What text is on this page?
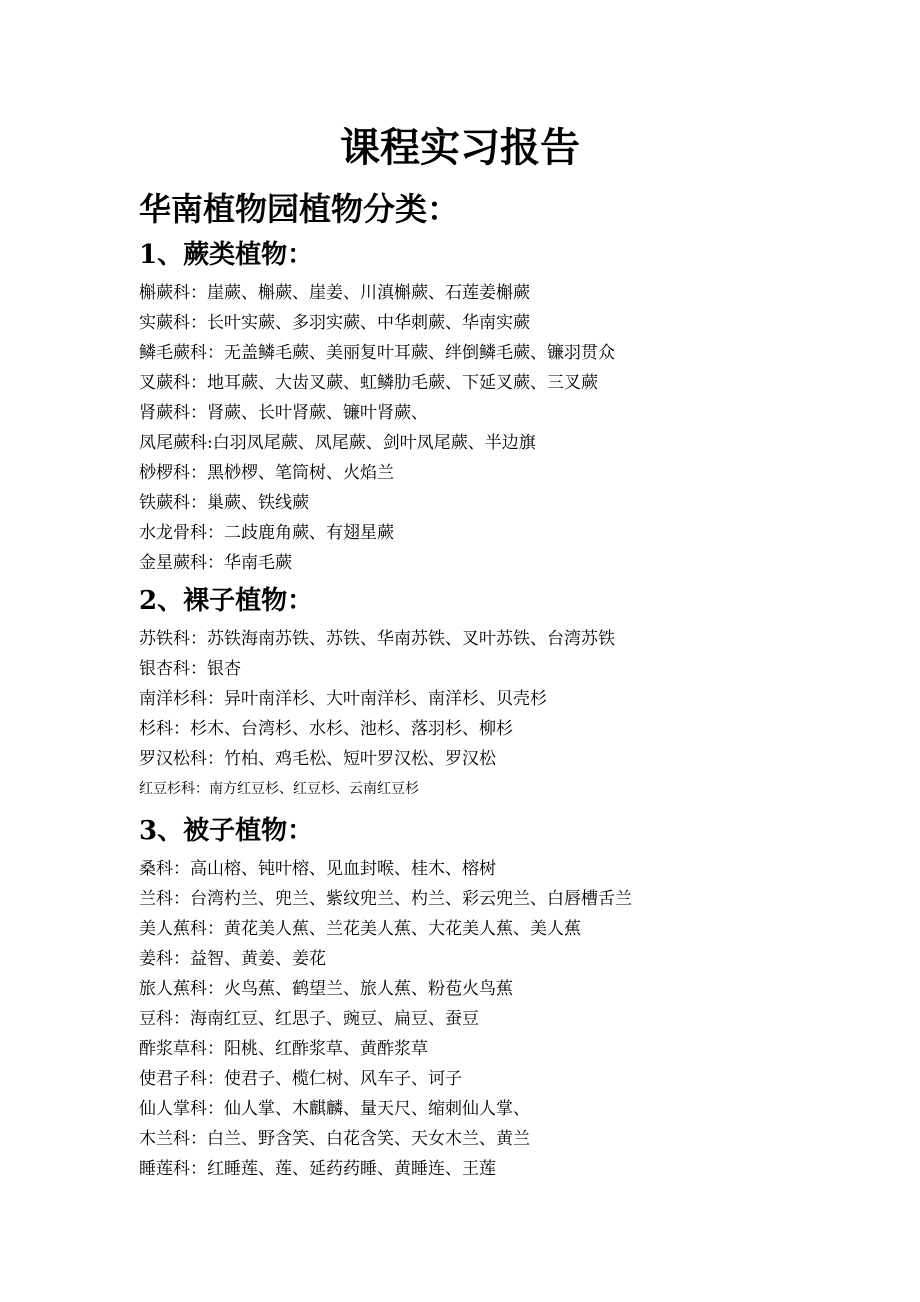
课程实习报告
华南植物园植物分类：
1、蕨类植物：
槲蕨科：崖蕨、槲蕨、崖姜、川滇槲蕨、石莲姜槲蕨
实蕨科：长叶实蕨、多羽实蕨、中华刺蕨、华南实蕨
鳞毛蕨科：无盖鳞毛蕨、美丽复叶耳蕨、绊倒鳞毛蕨、镰羽贯众
叉蕨科：地耳蕨、大齿叉蕨、虹鳞肋毛蕨、下延叉蕨、三叉蕨
肾蕨科：肾蕨、长叶肾蕨、镰叶肾蕨、
凤尾蕨科:白羽凤尾蕨、凤尾蕨、剑叶凤尾蕨、半边旗
桫椤科：黑桫椤、笔筒树、火焰兰
铁蕨科：巢蕨、铁线蕨
水龙骨科：二歧鹿角蕨、有翅星蕨
金星蕨科：华南毛蕨
2、裸子植物：
苏铁科：苏铁海南苏铁、苏铁、华南苏铁、叉叶苏铁、台湾苏铁
银杏科：银杏
南洋杉科：异叶南洋杉、大叶南洋杉、南洋杉、贝壳杉
杉科：杉木、台湾杉、水杉、池杉、落羽杉、柳杉
罗汉松科：竹柏、鸡毛松、短叶罗汉松、罗汉松
红豆杉科：南方红豆杉、红豆杉、云南红豆杉
3、被子植物：
桑科：高山榕、钝叶榕、见血封喉、桂木、榕树
兰科：台湾杓兰、兜兰、紫纹兜兰、杓兰、彩云兜兰、白唇槽舌兰
美人蕉科：黄花美人蕉、兰花美人蕉、大花美人蕉、美人蕉
姜科：益智、黄姜、姜花
旅人蕉科：火鸟蕉、鹤望兰、旅人蕉、粉苞火鸟蕉
豆科：海南红豆、红思子、豌豆、扁豆、蚕豆
酢浆草科：阳桃、红酢浆草、黄酢浆草
使君子科：使君子、榄仁树、风车子、诃子
仙人掌科：仙人掌、木麒麟、量天尺、缩刺仙人掌、
木兰科：白兰、野含笑、白花含笑、天女木兰、黄兰
睡莲科：红睡莲、莲、延药药睡、黄睡连、王莲
